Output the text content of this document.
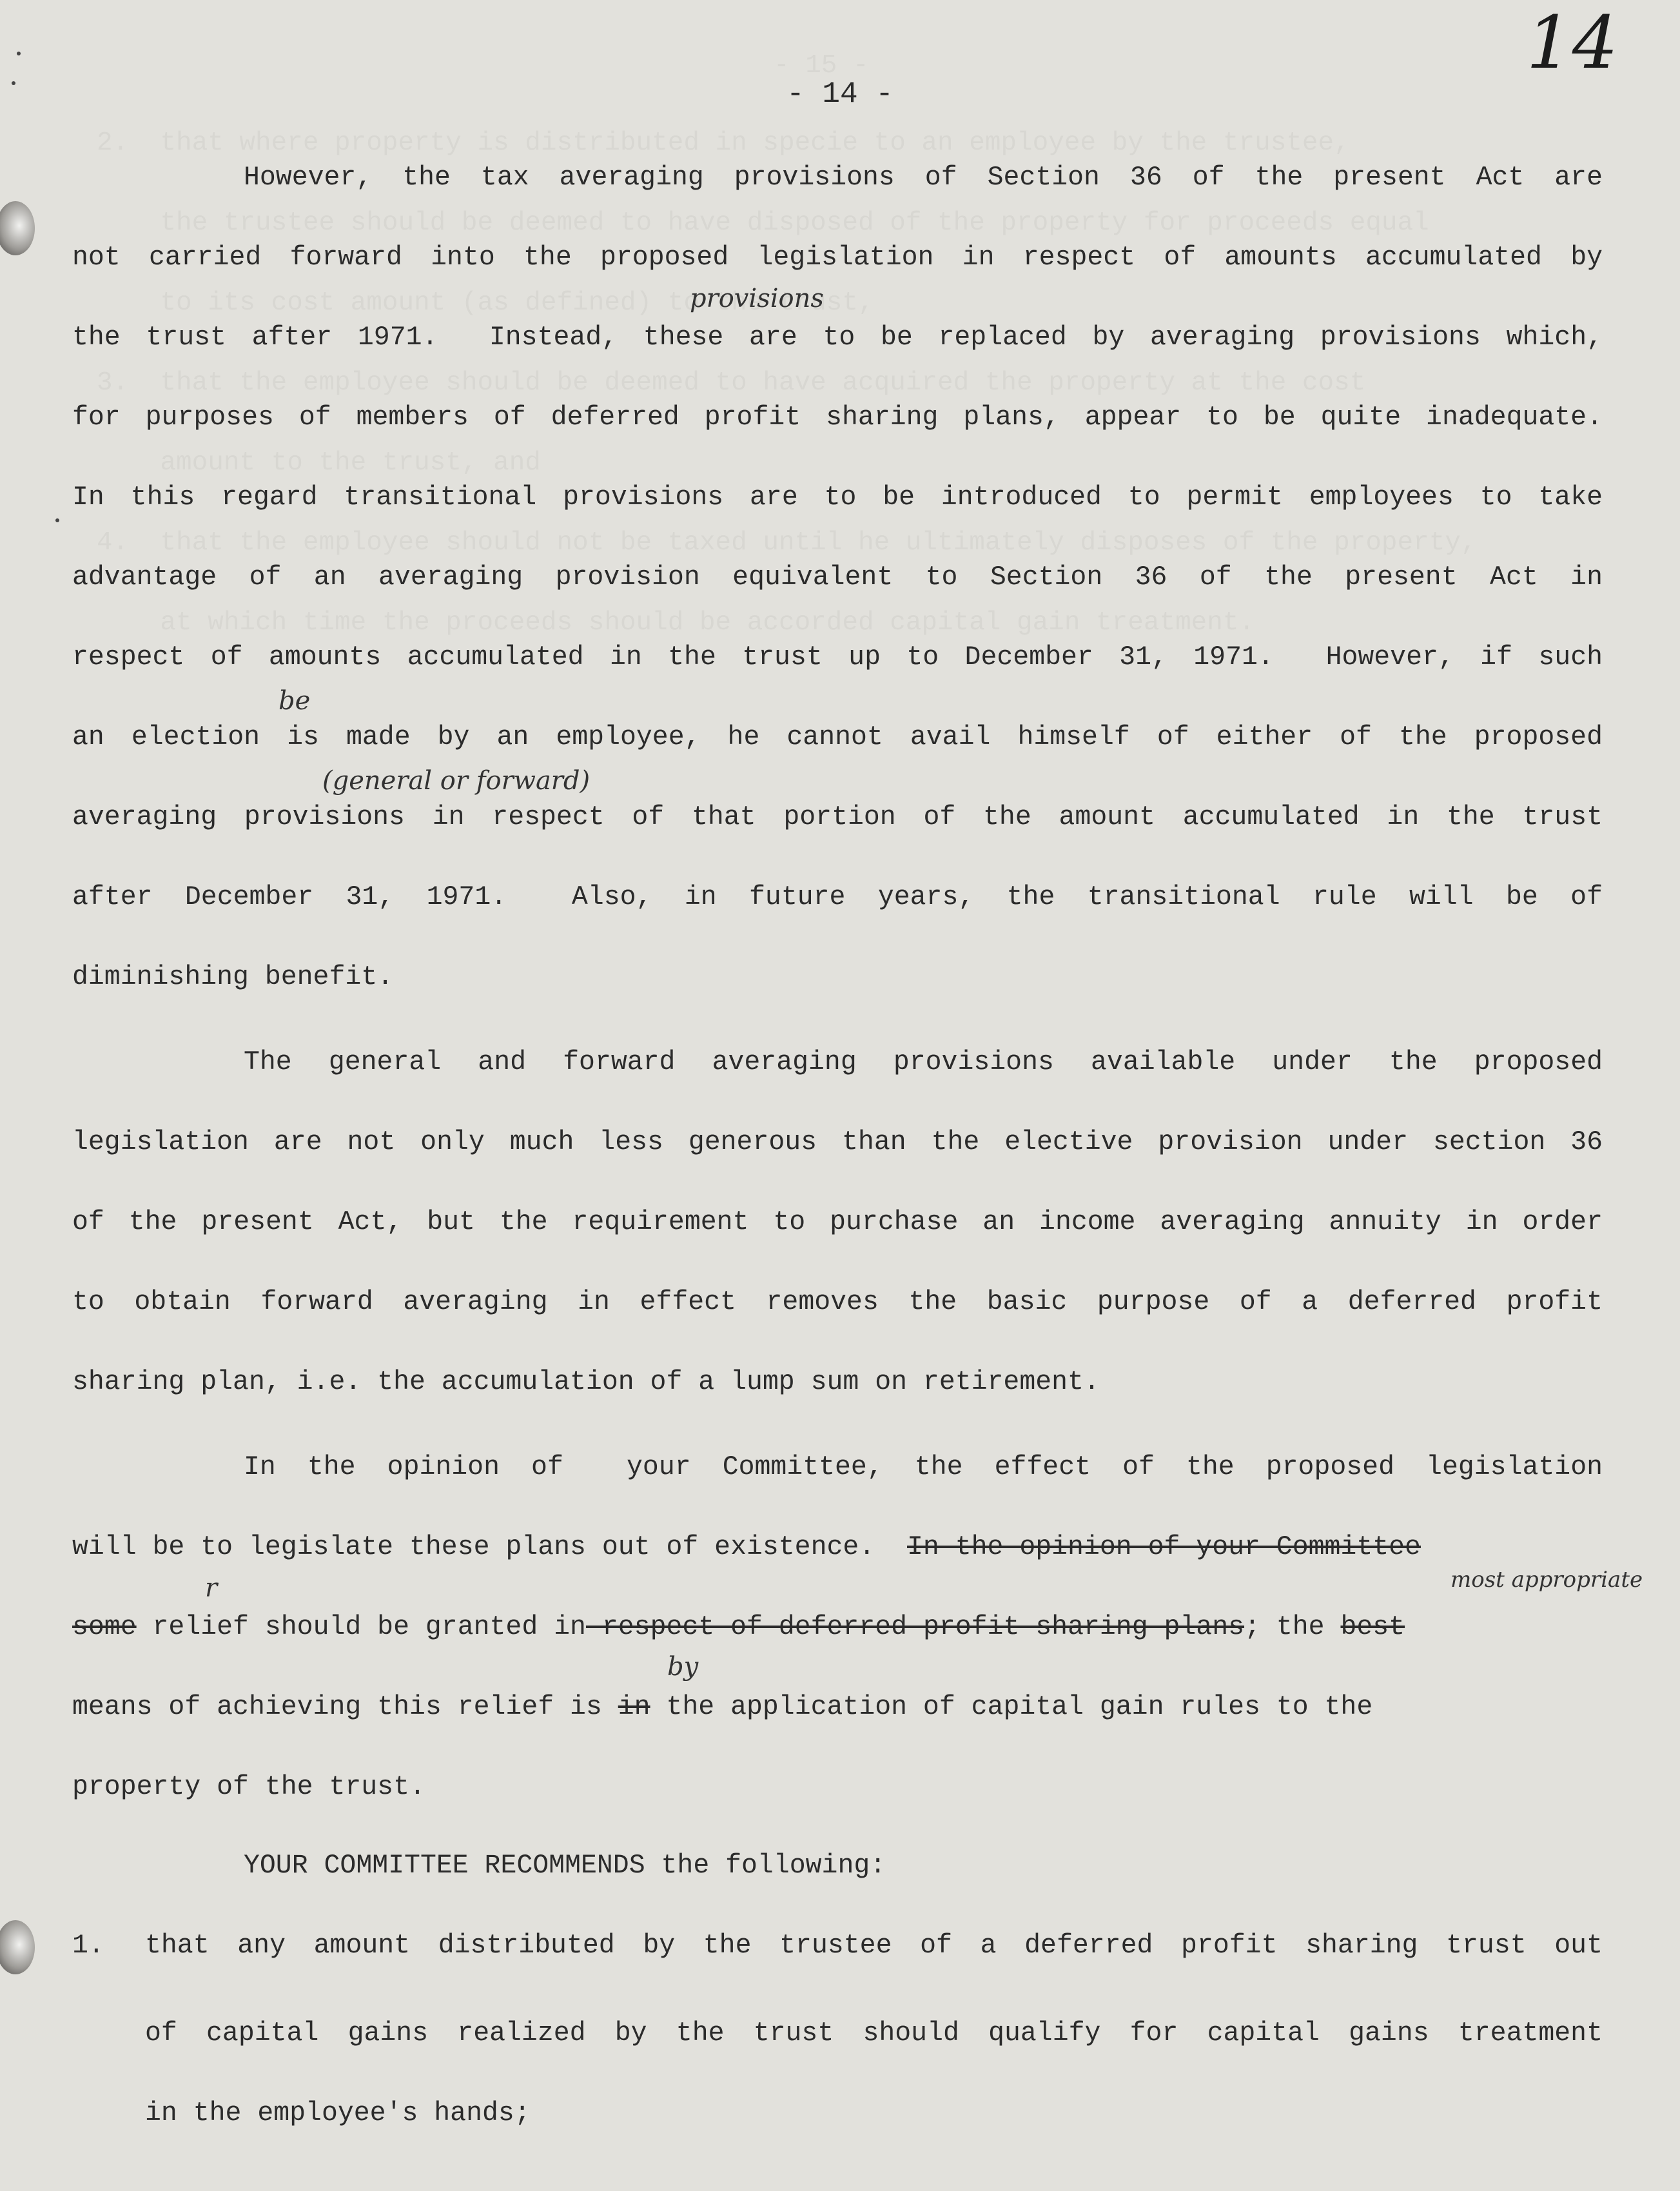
14
- 14 -
However, the tax averaging provisions of Section 36 of the present Act are
not carried forward into the proposed legislation in respect of amounts accumulated by
the trust after 1971.  Instead, these are to be replaced by averaging provisions which,
for purposes of members of deferred profit sharing plans, appear to be quite inadequate.
In this regard transitional provisions are to be introduced to permit employees to take
advantage of an averaging provision equivalent to Section 36 of the present Act in
respect of amounts accumulated in the trust up to December 31, 1971.  However, if such
an election is made by an employee, he cannot avail himself of either of the proposed
averaging provisions in respect of that portion of the amount accumulated in the trust
after December 31, 1971.  Also, in future years, the transitional rule will be of
diminishing benefit.
provisions
be
(general or forward)
The general and forward averaging provisions available under the proposed
legislation are not only much less generous than the elective provision under section 36
of the present Act, but the requirement to purchase an income averaging annuity in order
to obtain forward averaging in effect removes the basic purpose of a deferred profit
sharing plan, i.e. the accumulation of a lump sum on retirement.
In the opinion of  your Committee, the effect of the proposed legislation
will be to legislate these plans out of existence.  In the opinion of your Committee
some relief should be granted in respect of deferred profit sharing plans; the best
means of achieving this relief is in the application of capital gain rules to the
property of the trust.
r	most appropriate
by
YOUR COMMITTEE RECOMMENDS the following:
1. that any amount distributed by the trustee of a deferred profit sharing trust out
of capital gains realized by the trust should qualify for capital gains treatment
in the employee's hands;
